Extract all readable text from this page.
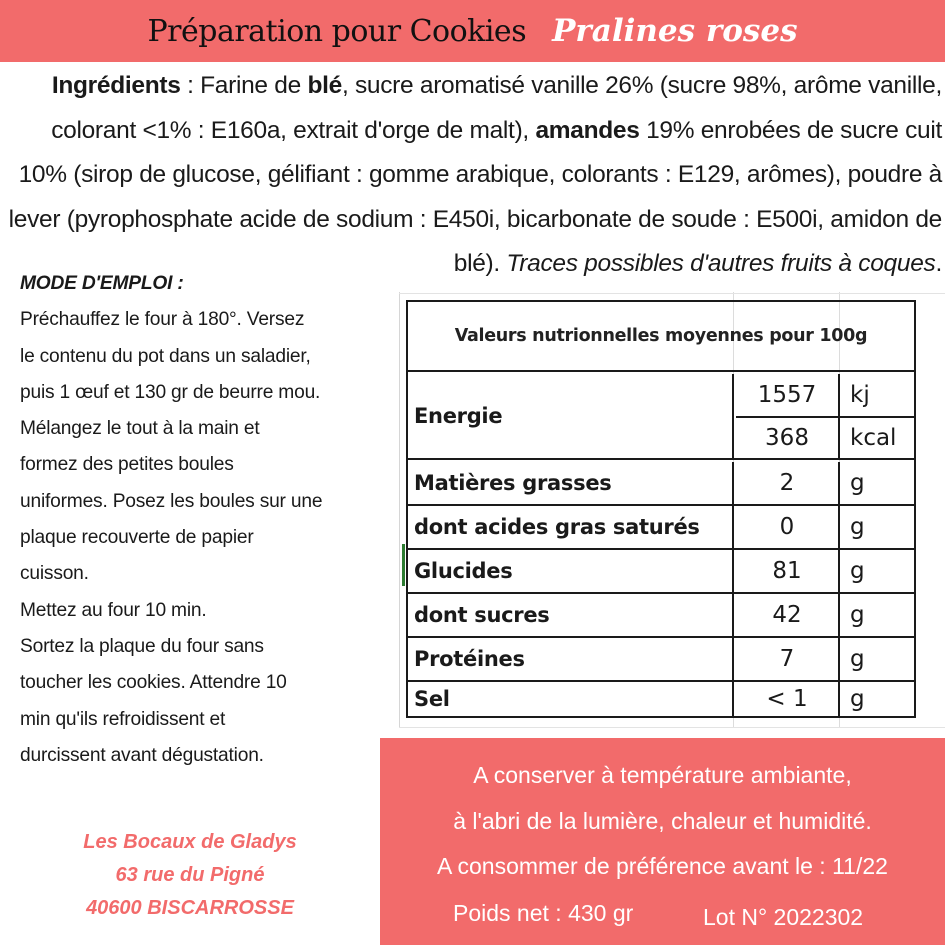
Préparation pour Cookies Pralines roses
Ingrédients : Farine de blé, sucre aromatisé vanille 26% (sucre 98%, arôme vanille, colorant <1% : E160a, extrait d'orge de malt), amandes 19% enrobées de sucre cuit 10% (sirop de glucose, gélifiant : gomme arabique, colorants : E129, arômes), poudre à lever (pyrophosphate acide de sodium : E450i, bicarbonate de soude : E500i, amidon de blé). Traces possibles d'autres fruits à coques.
MODE D'EMPLOI :
Préchauffez le four à 180°. Versez
le contenu du pot dans un saladier,
puis 1 œuf et 130 gr de beurre mou.
Mélangez le tout à la main et
formez des petites boules
uniformes. Posez les boules sur une
plaque recouverte de papier
cuisson.
Mettez au four 10 min.
Sortez la plaque du four sans
toucher les cookies. Attendre 10
min qu'ils refroidissent et
durcissent avant dégustation.
Les Bocaux de Gladys
63 rue du Pigné
40600 BISCARROSSE
Valeurs nutrionnelles moyennes pour 100g
Energie
1557	kj
368	kcal
Matières grasses	2	g
dont acides gras saturés	0	g
Glucides	81	g
dont sucres	42	g
Protéines	7	g
Sel	< 1	g
A conserver à température ambiante,
à l'abri de la lumière, chaleur et humidité.
A consommer de préférence avant le : 11/22
Poids net : 430 gr	Lot N° 2022302
